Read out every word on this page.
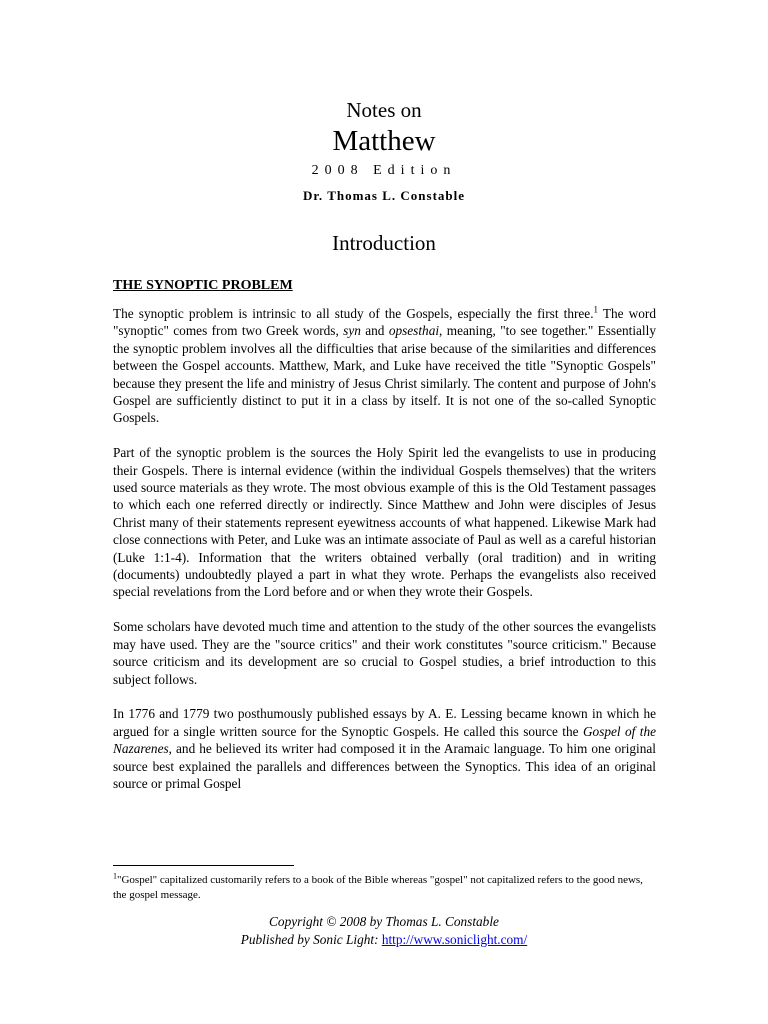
Notes on
Matthew
2008 Edition
Dr. Thomas L. Constable
Introduction
THE SYNOPTIC PROBLEM

The synoptic problem is intrinsic to all study of the Gospels, especially the first three.$^1$ The word "synoptic" comes from two Greek words, syn and opsesthai, meaning, "to see together." Essentially the synoptic problem involves all the difficulties that arise because of the similarities and differences between the Gospel accounts. Matthew, Mark, and Luke have received the title "Synoptic Gospels" because they present the life and ministry of Jesus Christ similarly. The content and purpose of John's Gospel are sufficiently distinct to put it in a class by itself. It is not one of the so-called Synoptic Gospels.

Part of the synoptic problem is the sources the Holy Spirit led the evangelists to use in producing their Gospels. There is internal evidence (within the individual Gospels themselves) that the writers used source materials as they wrote. The most obvious example of this is the Old Testament passages to which each one referred directly or indirectly. Since Matthew and John were disciples of Jesus Christ many of their statements represent eyewitness accounts of what happened. Likewise Mark had close connections with Peter, and Luke was an intimate associate of Paul as well as a careful historian (Luke 1:1-4). Information that the writers obtained verbally (oral tradition) and in writing (documents) undoubtedly played a part in what they wrote. Perhaps the evangelists also received special revelations from the Lord before and or when they wrote their Gospels.

Some scholars have devoted much time and attention to the study of the other sources the evangelists may have used. They are the "source critics" and their work constitutes "source criticism." Because source criticism and its development are so crucial to Gospel studies, a brief introduction to this subject follows.

In 1776 and 1779 two posthumously published essays by A. E. Lessing became known in which he argued for a single written source for the Synoptic Gospels. He called this source the Gospel of the Nazarenes, and he believed its writer had composed it in the Aramaic language. To him one original source best explained the parallels and differences between the Synoptics. This idea of an original source or primal Gospel

$^1$"Gospel" capitalized customarily refers to a book of the Bible whereas "gospel" not capitalized refers to the good news, the gospel message.
Copyright © 2008 by Thomas L. Constable
Published by Sonic Light: http://www.soniclight.com/
